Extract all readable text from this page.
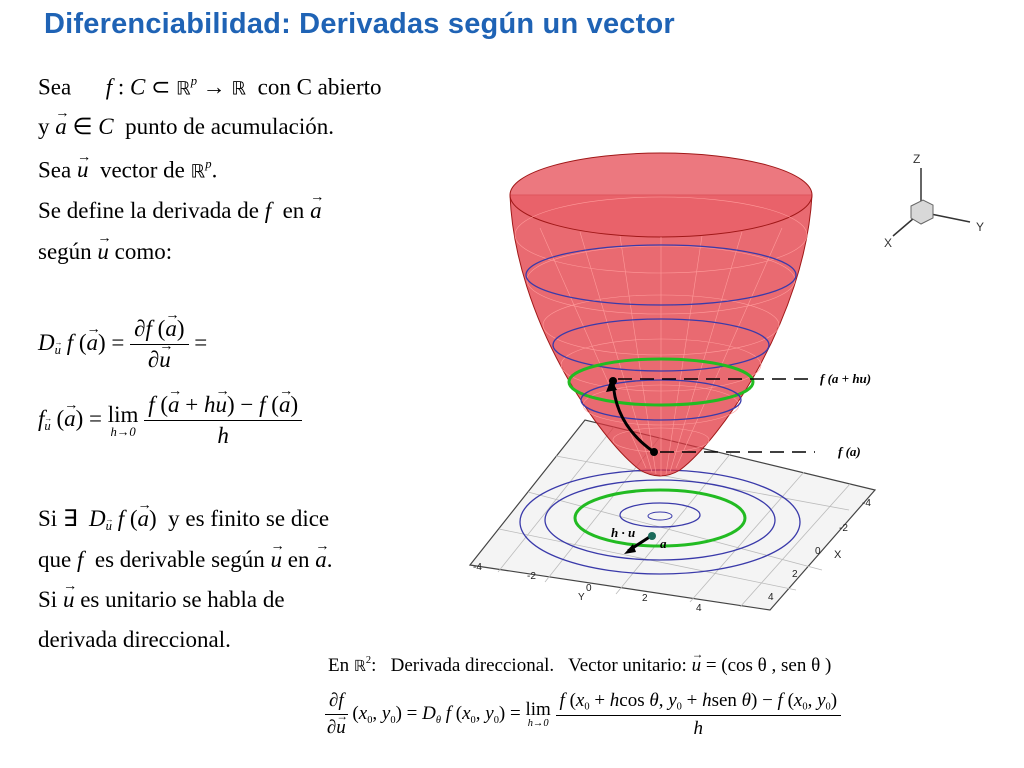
Diferenciabilidad: Derivadas según un vector
Sea f : C ⊂ ℝ$^p$ → ℝ con C abierto
y → a ∈ C punto de acumulación.
Sea → u vector de ℝ$^p$.
Se define la derivada de f en → a
según → u como:
D→ $_u$ f (→ $a) = \frac{\partial f (\to a)}{\partial\to u}$ =
f→ $_u$ (→ a) = lim
h→0
$\frac{f (\to a + h\to u) - f (\to a)}{h}$
Si ∃  D→ $_u$ f (→ a)  y es finito se dice
que f es derivable según → u en → a.
Si → u es unitario se habla de
derivada direccional.
En ℝ$^2$:   Derivada direccional. Vector unitario: → u = (cos θ , sen θ )
$\frac{\partial f}{\partial\to u} (x_0$, $y_0) = D_\theta$ f ($x_0$, $y_0) = \lim$
h→0
$\frac{f (x_0 + hcos \theta, y_0 + hsen \theta) - f (x_0, y_0)}{h}$
f (a + hu)
f (a)
h · u
a
-4
-2
0
2
4
Y
-4
-2
0
2
4
X
Z
Y
X
